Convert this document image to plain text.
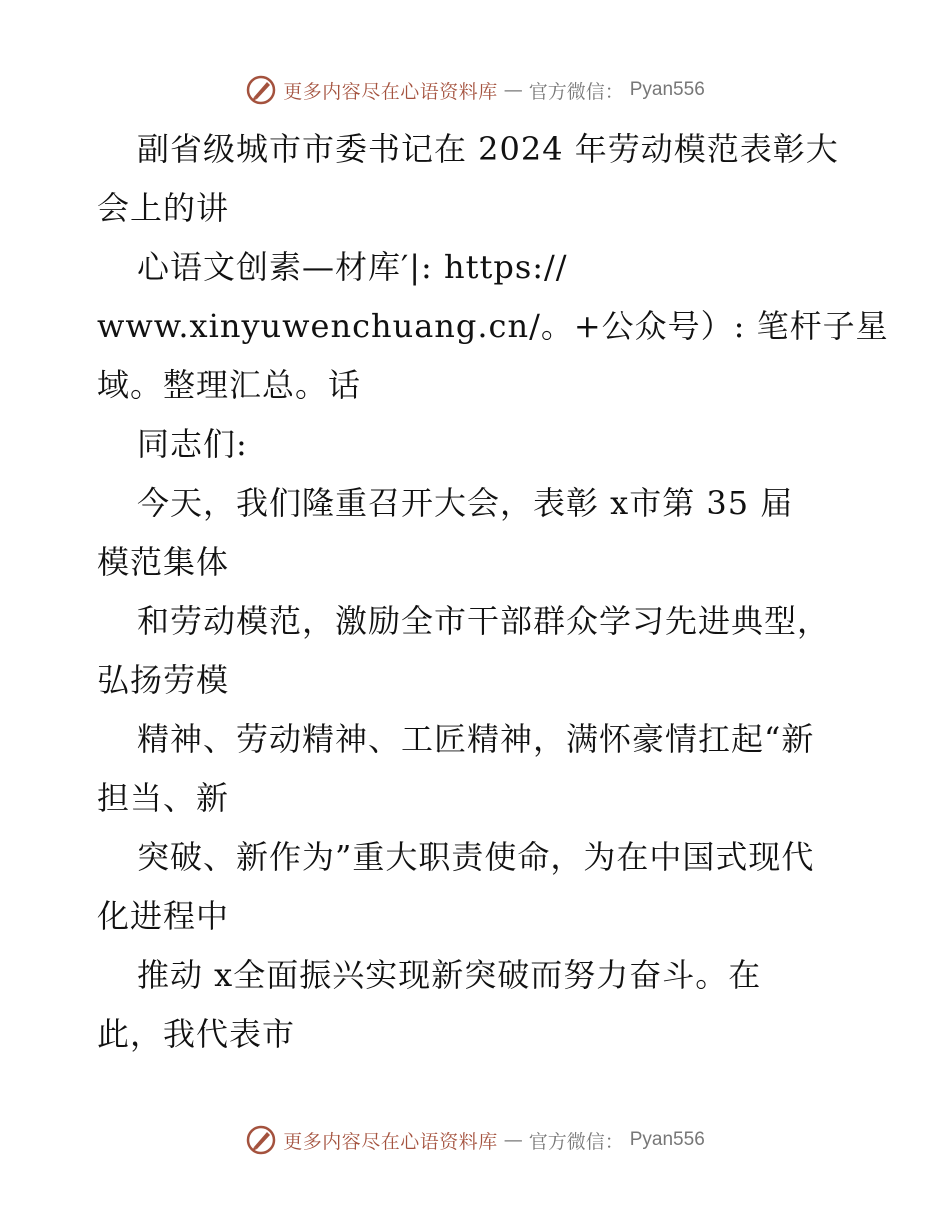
更多内容尽在心语资料库 — 官方微信： Pyan556
副省级城市市委书记在 2024 年劳动模范表彰大
会上的讲
心语文创素—材库′|: https://
www.xinyuwenchuang.cn/。+公众号）: 笔杆子星
域。整理汇总。话
同志们:
今天，我们隆重召开大会，表彰 x市第 35 届
模范集体
和劳动模范，激励全市干部群众学习先进典型，
弘扬劳模
精神、劳动精神、工匠精神，满怀豪情扛起“新
担当、新
突破、新作为”重大职责使命，为在中国式现代
化进程中
推动 x全面振兴实现新突破而努力奋斗。在
此，我代表市
更多内容尽在心语资料库 — 官方微信： Pyan556
